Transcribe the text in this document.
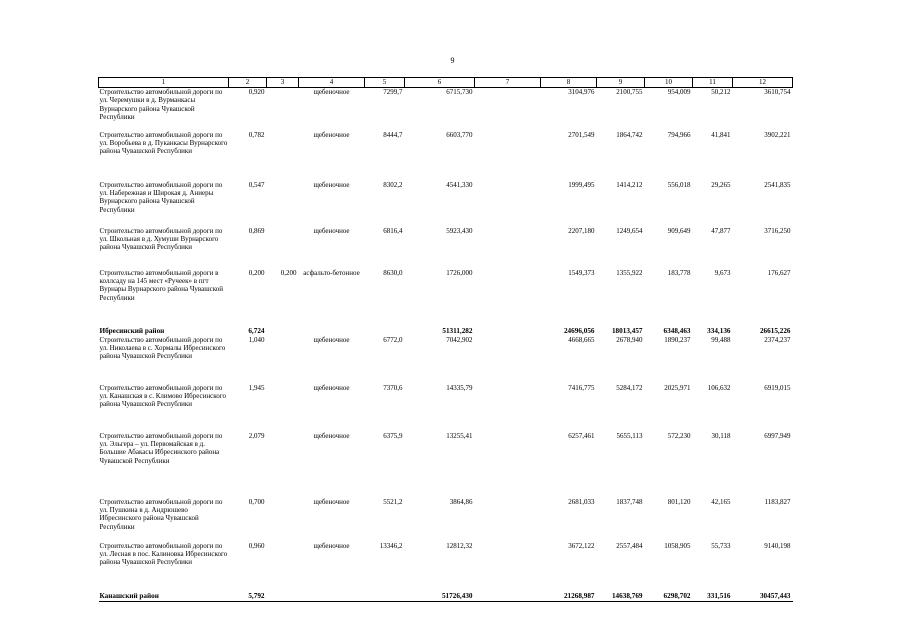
9
1	2	3	4	5	6	7	8	9	10	11	12
Строительство автомобильной дороги по ул. Черемушки в д. Вурманкасы Вурнарского района Чувашской Республики	0,920		щебеночное	7299,7	6715,730		3104,976	2100,755	954,009	50,212	3610,754
Строительство автомобильной дороги по ул. Воробьева в д. Пуканкасы Вурнарского района Чувашской Республики	0,782		щебеночное	8444,7	6603,770		2701,549	1864,742	794,966	41,841	3902,221
Строительство автомобильной дороги по ул. Набережная и Широкая д. Аниеры Вурнарского района Чувашской Республики	0,547		щебеночное	8302,2	4541,330		1999,495	1414,212	556,018	29,265	2541,835
Строительство автомобильной дороги по ул. Школьная в д. Хумуши Вурнарского района Чувашской Республики	0,869		щебеночное	6816,4	5923,430		2207,180	1249,654	909,649	47,877	3716,250
Строительство автомобильной дороги в коллсаду на 145 мест «Ручеек» в пгт Вурнары Вурнарского района Чувашской Республики	0,200	0,200	асфальто-бетонное	8630,0	1726,000		1549,373	1355,922	183,778	9,673	176,627
Ибресинский район	6,724				51311,282		24696,056	18013,457	6348,463	334,136	26615,226
Строительство автомобильной дороги по ул. Николаева в с. Хормалы Ибресинского района Чувашской Республики	1,040		щебеночное	6772,0	7042,902		4668,665	2678,940	1890,237	99,488	2374,237
Строительство автомобильной дороги по ул. Канашская в с. Климово Ибресинского района Чувашской Республики	1,945		щебеночное	7370,6	14335,79		7416,775	5284,172	2025,971	106,632	6919,015
Строительство автомобильной дороги по ул. Эльгера – ул. Первомайская в д. Большие Абакасы Ибресинского района Чувашской Республики	2,079		щебеночное	6375,9	13255,41		6257,461	5655,113	572,230	30,118	6997,949
Строительство автомобильной дороги по ул. Пушкина в д. Андрюшево Ибресинского района Чувашской Республики	0,700		щебеночное	5521,2	3864,86		2681,033	1837,748	801,120	42,165	1183,827
Строительство автомобильной дороги по ул. Лесная в пос. Калиновка Ибресинского района Чувашской Республики	0,960		щебеночное	13346,2	12812,32		3672,122	2557,484	1058,905	55,733	9140,198
Канашский район	5,792				51726,430		21268,987	14638,769	6298,702	331,516	30457,443
